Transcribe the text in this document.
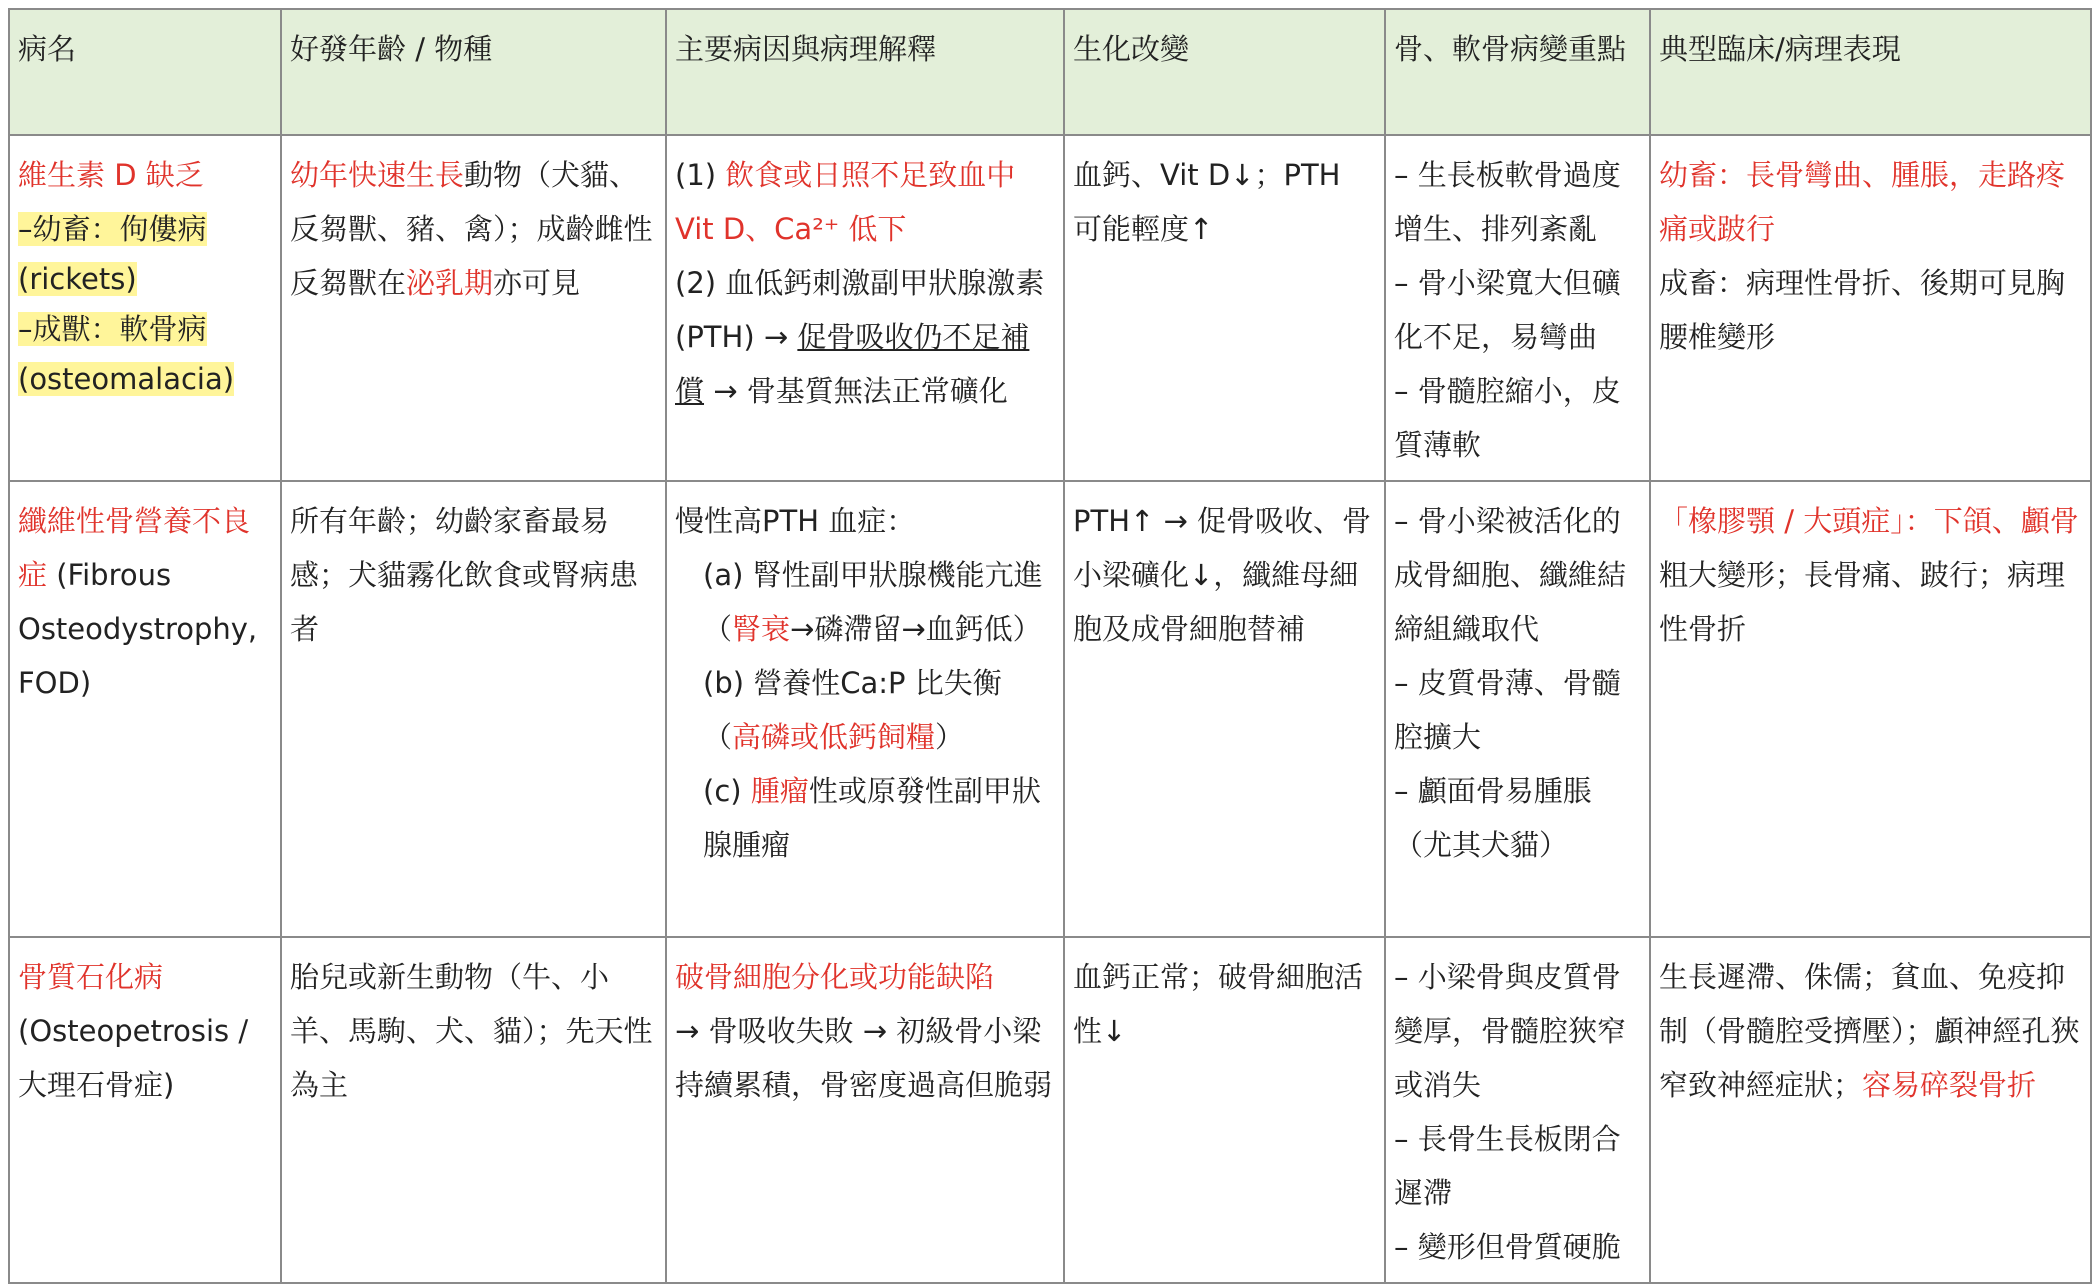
病名	好發年齡 / 物種	主要病因與病理解釋	生化改變	骨、軟骨病變重點	典型臨床/病理表現

維生素 D 缺乏
–幼畜：佝僂病
(rickets)
–成獸：軟骨病
(osteomalacia)	幼年快速生長動物（犬貓、反芻獸、豬、禽）；成齡雌性反芻獸在泌乳期亦可見	(1) 飲食或日照不足致血中 Vit D、Ca²⁺ 低下
(2) 血低鈣刺激副甲狀腺激素 (PTH) → 促骨吸收仍不足補償 → 骨基質無法正常礦化	血鈣、Vit D↓；PTH 可能輕度↑	– 生長板軟骨過度增生、排列紊亂
– 骨小梁寬大但礦化不足，易彎曲
– 骨髓腔縮小，皮質薄軟	幼畜：長骨彎曲、腫脹，走路疼痛或跛行
成畜：病理性骨折、後期可見胸腰椎變形

纖維性骨營養不良症 (Fibrous Osteodystrophy, FOD)	所有年齡；幼齡家畜最易感；犬貓霧化飲食或腎病患者	慢性高PTH 血症：
(a) 腎性副甲狀腺機能亢進（腎衰→磷滯留→血鈣低）
(b) 營養性Ca:P 比失衡（高磷或低鈣飼糧）
(c) 腫瘤性或原發性副甲狀腺腫瘤	PTH↑ → 促骨吸收、骨小梁礦化↓，纖維母細胞及成骨細胞替補	– 骨小梁被活化的成骨細胞、纖維結締組織取代
– 皮質骨薄、骨髓腔擴大
– 顱面骨易腫脹（尤其犬貓）	「橡膠顎 / 大頭症」：下頜、顱骨粗大變形；長骨痛、跛行；病理性骨折

骨質石化病
(Osteopetrosis / 大理石骨症)	胎兒或新生動物（牛、小羊、馬駒、犬、貓）；先天性為主	破骨細胞分化或功能缺陷
→ 骨吸收失敗 → 初級骨小梁持續累積，骨密度過高但脆弱	血鈣正常；破骨細胞活性↓	– 小梁骨與皮質骨變厚，骨髓腔狹窄或消失
– 長骨生長板閉合遲滯
– 變形但骨質硬脆	生長遲滯、侏儒；貧血、免疫抑制（骨髓腔受擠壓）；顱神經孔狹窄致神經症狀；容易碎裂骨折
